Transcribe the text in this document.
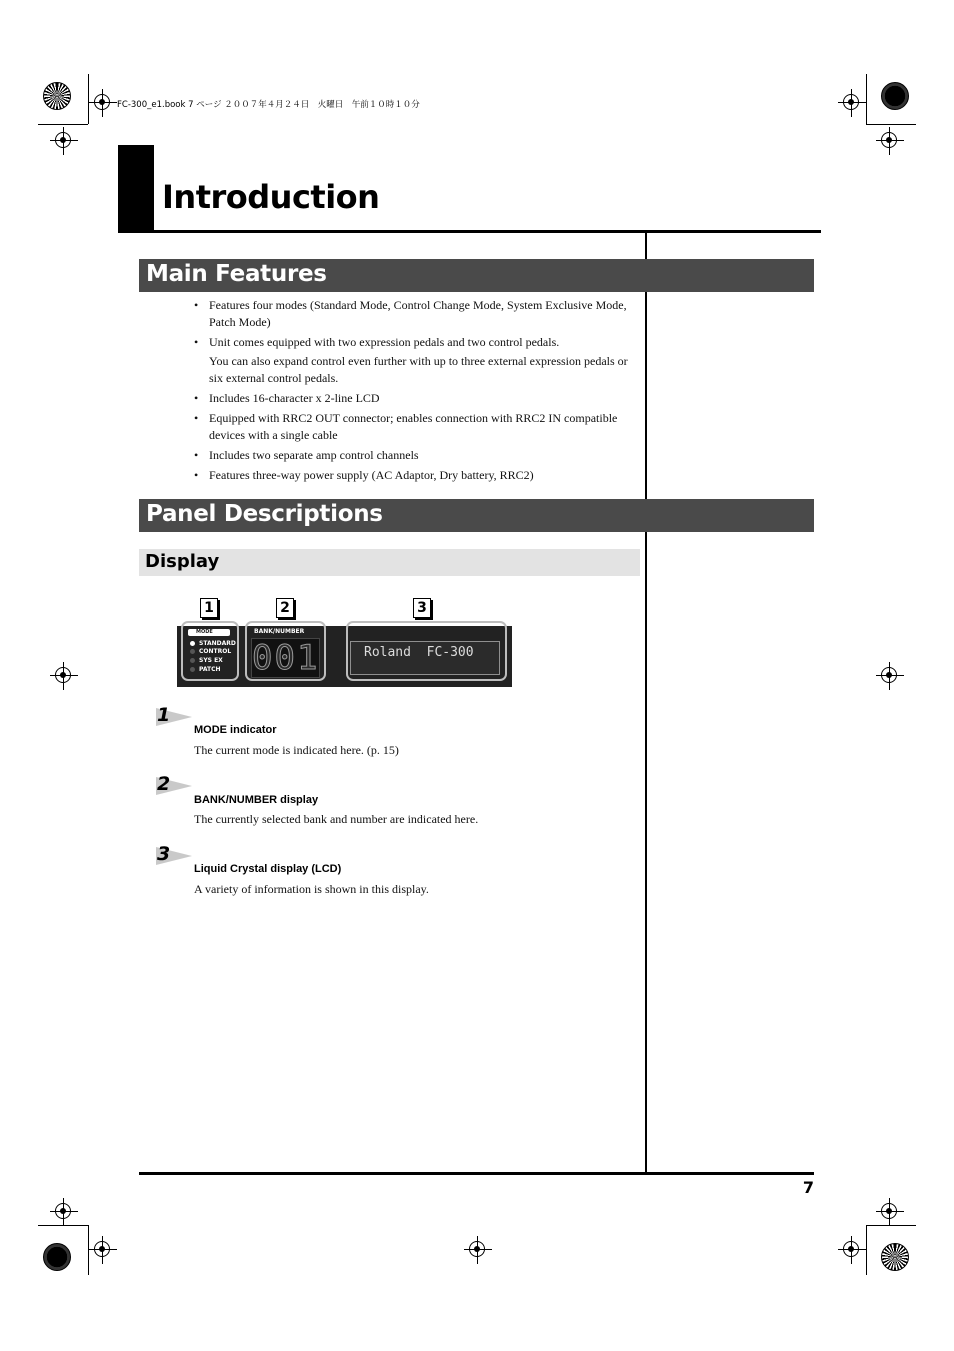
FC-300_e1.book 7 ページ ２００７年４月２４日　火曜日　午前１０時１０分
Introduction
Main Features
• Features four modes (Standard Mode, Control Change Mode, System Exclusive Mode, Patch Mode)
• Unit comes equipped with two expression pedals and two control pedals.
You can also expand control even further with up to three external expression pedals or six external control pedals.
• Includes 16-character x 2-line LCD
• Equipped with RRC2 OUT connector; enables connection with RRC2 IN compatible devices with a single cable
• Includes two separate amp control channels
• Features three-way power supply (AC Adaptor, Dry battery, RRC2)
Panel Descriptions
Display
1	2	3
MODE
STANDARD
CONTROL
SYS EX
PATCH
BANK/NUMBER
001	Roland  FC-300
1
MODE indicator
The current mode is indicated here. (p. 15)
2
BANK/NUMBER display
The currently selected bank and number are indicated here.
3
Liquid Crystal display (LCD)
A variety of information is shown in this display.
7
